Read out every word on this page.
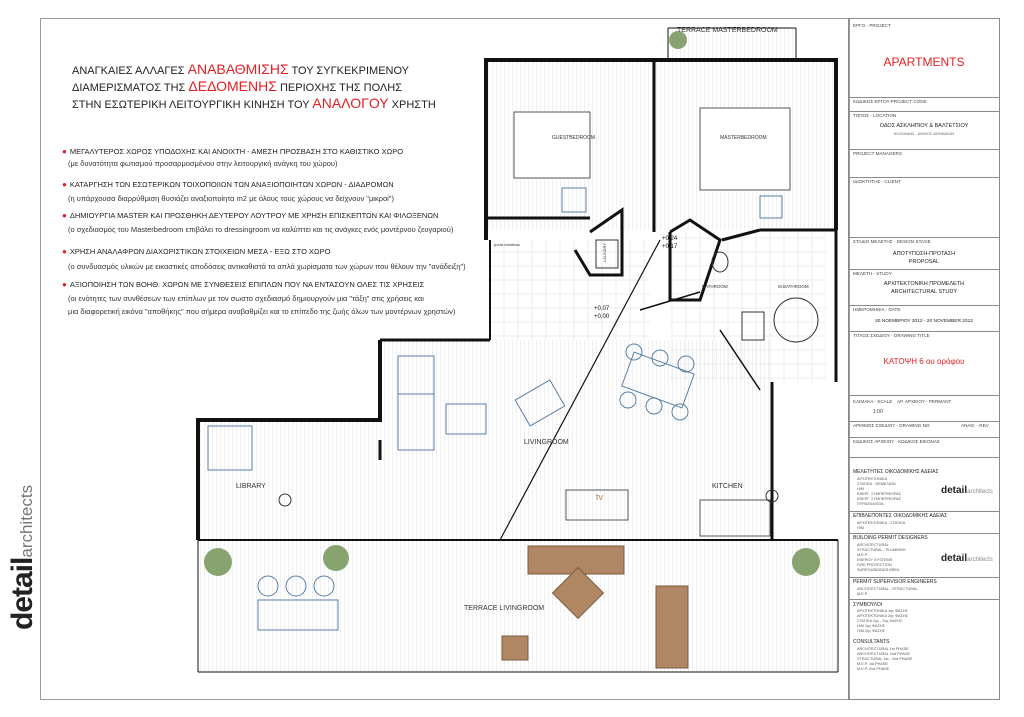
detailarchitects
ΑΝΑΓΚΑΙΕΣ ΑΛΛΑΓΕΣ ΑΝΑΒΑΘΜΙΣΗΣ ΤΟΥ ΣΥΓΚΕΚΡΙΜΕΝΟΥ
ΔΙΑΜΕΡΙΣΜΑΤΟΣ ΤΗΣ ΔΕΔΟΜΕΝΗΣ ΠΕΡΙΟΧΗΣ ΤΗΣ ΠΟΛΗΣ
ΣΤΗΝ ΕΣΩΤΕΡΙΚΗ ΛΕΙΤΟΥΡΓΙΚΗ ΚΙΝΗΣΗ ΤΟΥ ΑΝΑΛΟΓΟΥ ΧΡΗΣΤΗ
● ΜΕΓΑΛΥΤΕΡΟΣ ΧΩΡΟΣ ΥΠΟΔΟΧΗΣ ΚΑΙ ΑΝΟΙΧΤΗ - ΑΜΕΣΗ ΠΡΟΣΒΑΣΗ ΣΤΟ ΚΑΘΙΣΤΙΚΟ ΧΩΡΟ
(με δυνατότητα φωτισμού προσαρμοσμένου στην λειτουργική ανάγκη του χώρου)
● ΚΑΤΑΡΓΗΣΗ ΤΩΝ ΕΣΩΤΕΡΙΚΩΝ ΤΟΙΧΟΠΟΙΙΩΝ ΤΩΝ ΑΝΑΞΙΟΠΟΙΗΤΩΝ ΧΩΡΩΝ - ΔΙΑΔΡΟΜΩΝ
(η υπάρχουσα διαρρύθμιση θυσιάζει αναξιοποίητα m2 με όλους τους χώρους να δείχνουν "μικροί")
● ΔΗΜΙΟΥΡΓΙΑ MASTER ΚΑΙ ΠΡΟΣΘΗΚΗ ΔΕΥΤΕΡΟΥ ΛΟΥΤΡΟΥ ΜΕ ΧΡΗΣΗ ΕΠΙΣΚΕΠΤΩΝ ΚΑΙ ΦΙΛΟΞΕΝΩΝ
(ο σχεδιασμός του Masterbedroom επιβάλει το dressingroom να καλύπτει και τις ανάγκες ενός μοντέρνου ζευγαριού)
● ΧΡΗΣΗ ΑΝΑΛΑΦΡΩΝ ΔΙΑΧΩΡΙΣΤΙΚΩΝ ΣΤΟΙΧΕΙΩΝ ΜΕΣΑ - ΕΞΩ ΣΤΟ ΧΩΡΟ
(ο συνδυασμός υλικών με εικαστικές αποδόσεις αντικαθιστά τα απλά χωρίσματα των χώρων που θέλουν την "ανάδειξη")
● ΑΞΙΟΠΟΙΗΣΗ ΤΩΝ ΒΟΗΘ. ΧΩΡΩΝ ΜΕ ΣΥΝΘΕΣΕΙΣ ΕΠΙΠΛΩΝ ΠΟΥ ΝΑ ΕΝΤΑΣΟΥΝ ΟΛΕΣ ΤΙΣ ΧΡΗΣΕΙΣ
(οι ενότητες των συνθέσεων των επίπλων με τον σωστο σχεδιασμό δημιουργούν μια "τάξη" στις χρήσεις και
μια διαφορετική εικόνα "αποθήκης" που σήμερα αναβαθμίζει και το επίπεδο της ζωής όλων των μοντέρνων χρηστών)
TERRACE MASTERBEDROOM
GUESTBEDROOM	MASTERBEDROOM
BATHROOM	M.BATHROOM
LAUNDRY
porta manteau
LIVINGROOM
LIBRARY	KITCHEN
TERRACE LIVINGROOM
tv
+0,24
+0,17
+0,07
+0,00
ΕΡΓΟ - PROJECT
APARTMENTS
ΚΩΔΙΚΟΣ ΕΡΓΟΥ-PROJECT CODE
ΤΟΠΟΣ - LOCATION
ΟΔΟΣ ΑΣΚΛΗΠΙΟΥ & ΒΑΛΤΕΤΣΙΟΥ
ΚΟΛΩΝΑΚΙ - ΔΗΜΟΣ ΑΘΗΝΑΙΩΝ
PROJECT MANAGERS
ΙΔΙΟΚΤΗΤΗΣ - CLIENT
ΣΤΑΔΙΟ ΜΕΛΕΤΗΣ - DESIGN STAGE
ΑΠΟΤΥΠΩΣΗ-ΠΡΟΤΑΣΗ
PROPOSAL
ΜΕΛΕΤΗ - STUDY
ΑΡΧΙΤΕΚΤΟΝΙΚΗ ΠΡΟΜΕΛΕΤΗ
ARCHITECTURAL STUDY
ΗΜΕΡΟΜΗΝΙΑ - DATE
20 ΝΟΕΜΒΡΙΟΥ 2012 - 20 NOVEMBER 2012
ΤΙΤΛΟΣ ΣΧΕΔΙΟΥ - DRAWING TITLE
ΚΑΤΟΨΗ 6 ου ορόφου
ΚΛΙΜΑΚΑ - SCALE ΑΡ. ΑΡΧΕΙΟΥ - PERMANT
1:00
ΑΡΙΘΜΟΣ ΣΧΕΔΙΟΥ - DRAWING NO	ΑΝΑΘ. - REV
ΚΩΔΙΚΟΣ ΑΡΧΕΙΟΥ - ΚΩΔΙΚΟΣ ΕΙΚΟΝΑΣ
ΜΕΛΕΤΗΤΕΣ ΟΙΚΟΔΟΜΙΚΗΣ ΑΔΕΙΑΣ
ΑΡΧΙΤΕΚΤΟΝΙΚΑ
ΣΤΑΤΙΚΑ - ΘΕΜΕΛΙΩΝ
Η/Μ
ΕΝΕΡΓ. ΣΥΜΠΕΡΙΦΟΡΑΣ
ΕΝΕΡΓ. ΣΥΜΠΕΡΙΦΟΡΑΣ
ΠΥΡΑΣΦΑΛΕΙΑ
detailarchitects
ΕΠΙΒΛΕΠΟΝΤΕΣ ΟΙΚΟΔΟΜΙΚΗΣ ΑΔΕΙΑΣ
ΑΡΧΙΤΕΚΤΟΝΙΚΑ - ΣΤΑΤΙΚΑ
Η/Μ
BUILDING PERMIT DESIGNERS
ARCHITECTURAL
STRUCTURAL - PLUMBING
M.E.P.
ENERGY SYSTEMS
FIRE PROTECTION
SURROUNDINGS AREA
detailarchitects
PERMIT SUPERVISOR ENGINEERS
ARCHITECTURAL - STRUCTURAL
M.E.P.
ΣΥΜΒΟΥΛΟΙ
ΑΡΧΙΤΕΚΤΟΝΙΚΑ 1ης ΦΑΣΗΣ
ΑΡΧΙΤΕΚΤΟΝΙΚΑ 2ης ΦΑΣΗΣ
ΣΤΑΤΙΚΑ 1ης - 2ης ΦΑΣΗΣ
Η/Μ 1ης ΦΑΣΗΣ
Η/Μ 2ης ΦΑΣΗΣ
CONSULTANTS
ARCHITECTURAL 1st PHASE
ARCHITECTURAL 2nd PHASE
STRUCTURAL 1st - 2nd PHASE
M.E.P. 1st PHASE
M.E.P. 2nd PHASE
